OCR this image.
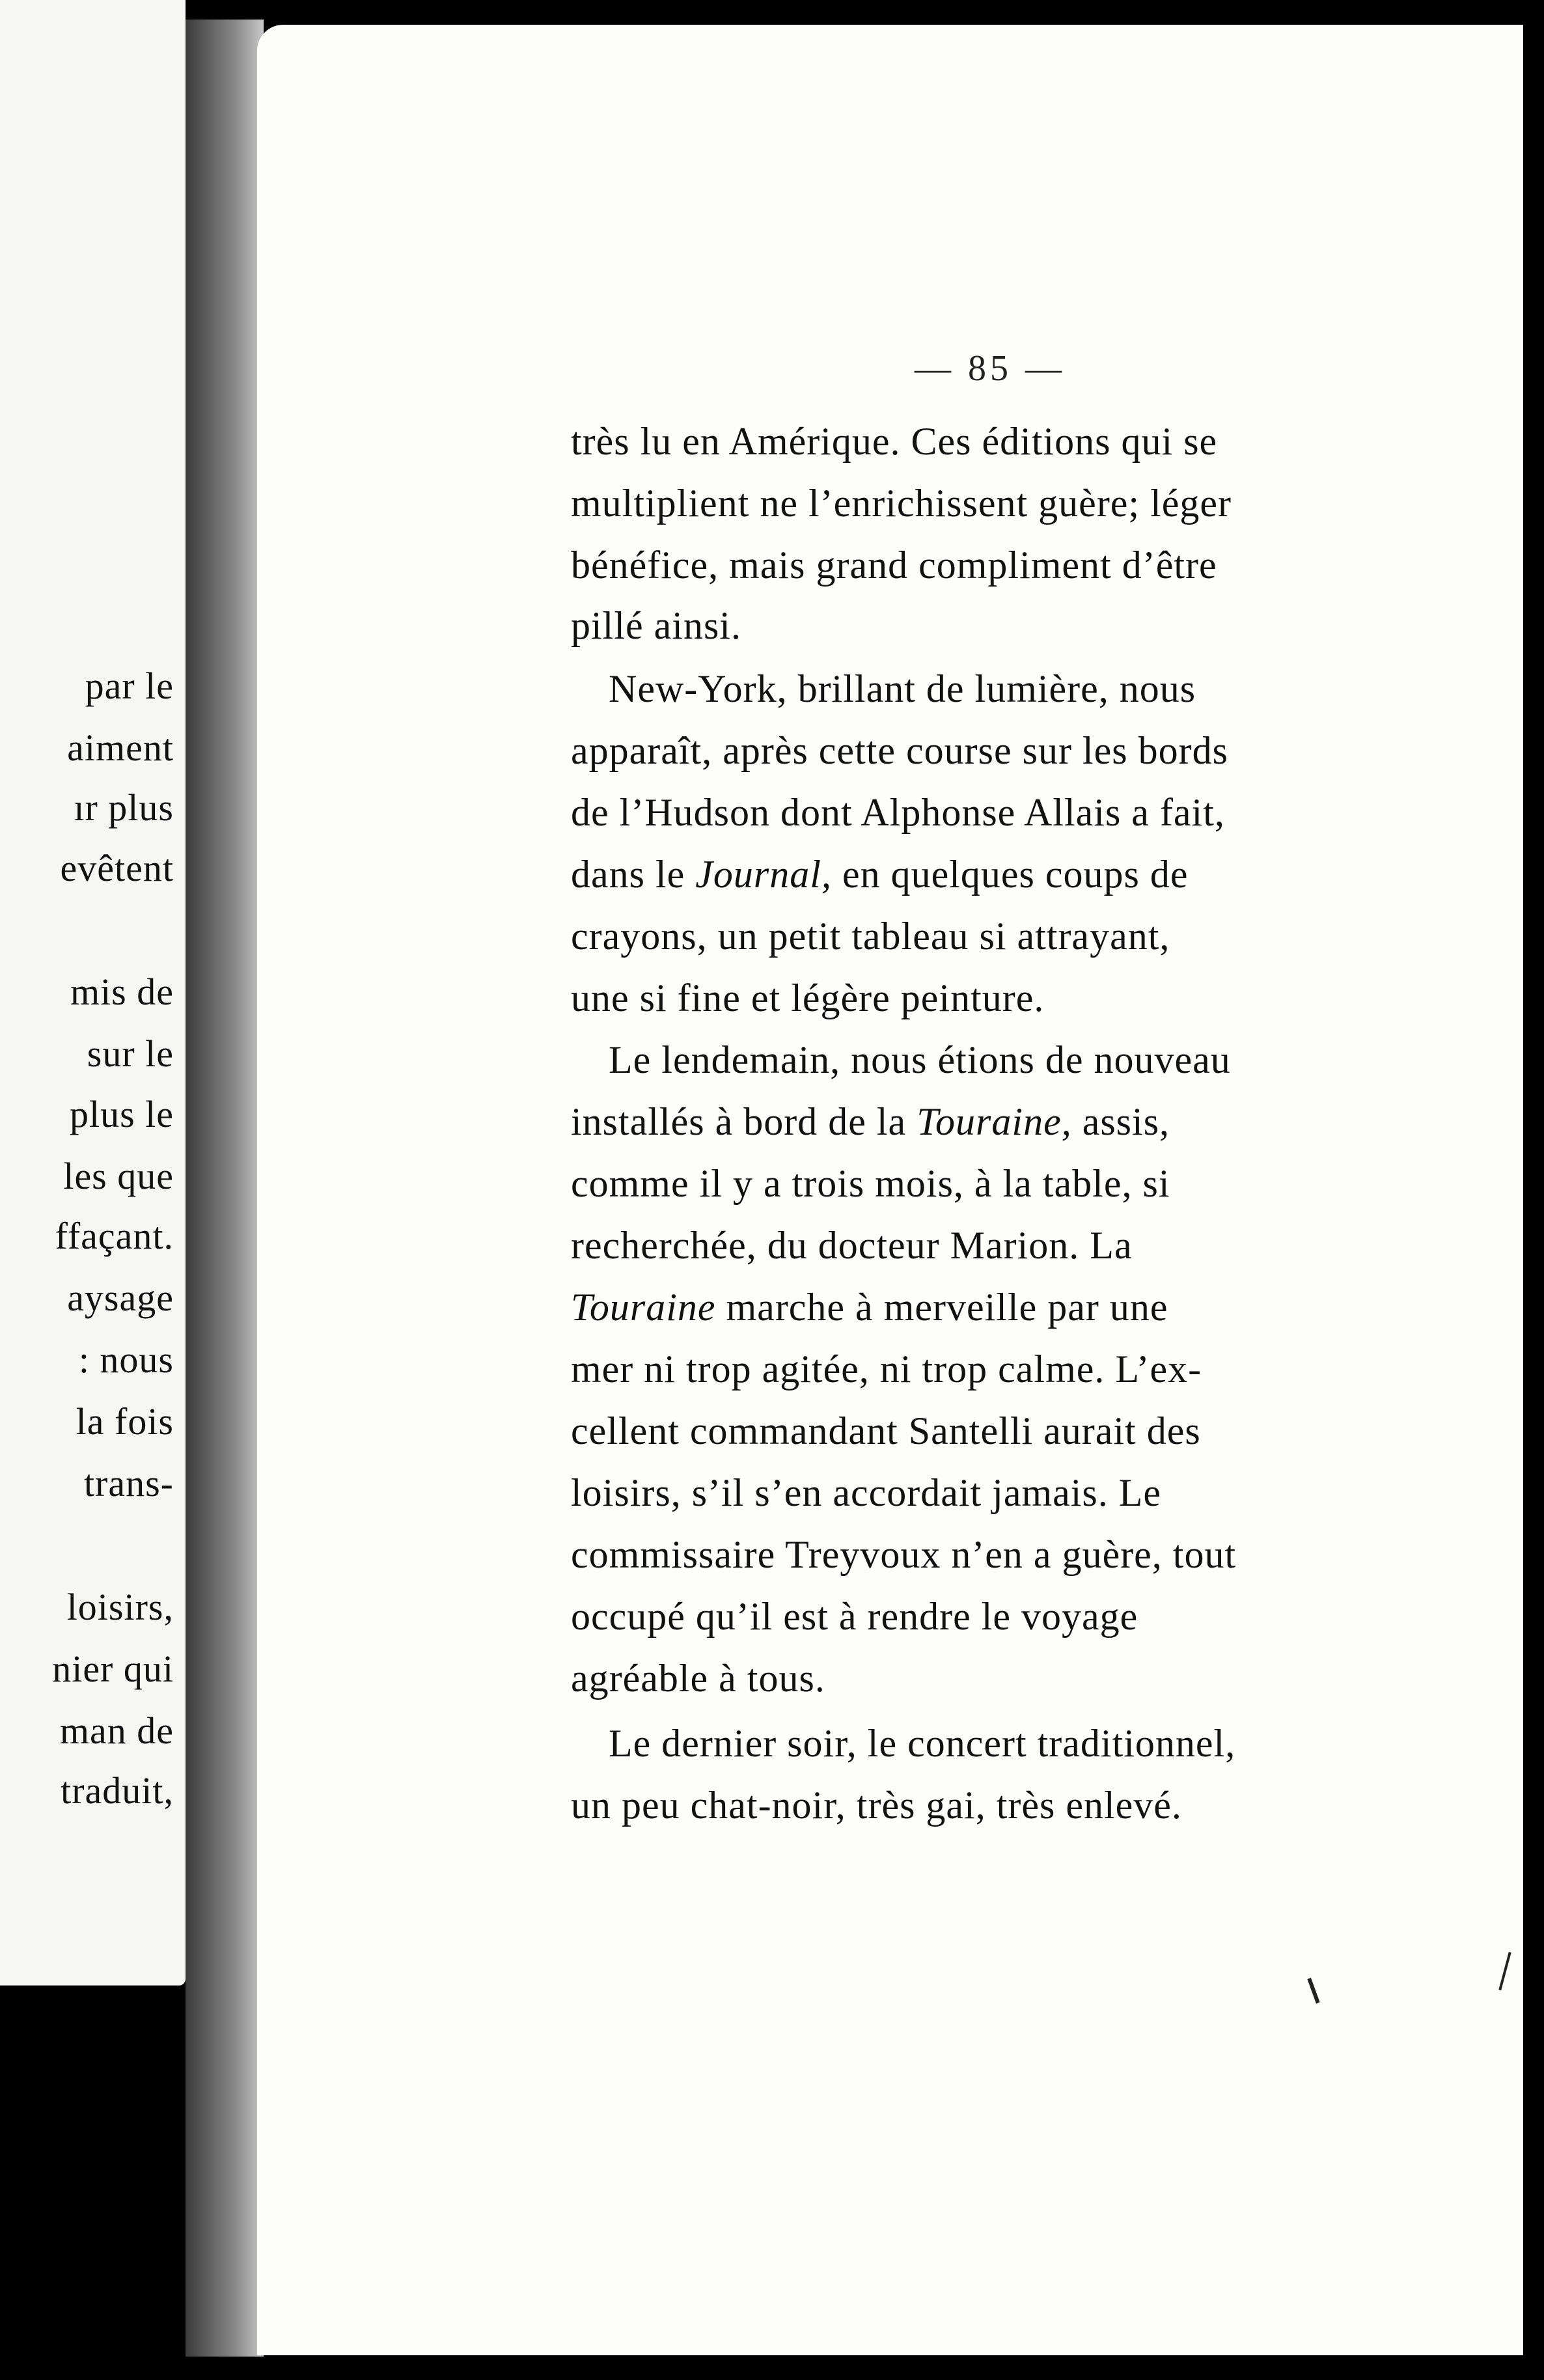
par le
aiment
ır plus
evêtent
mis de
sur le
plus le
les que
ffaçant.
aysage
: nous
la fois
trans-
loisirs,
nier qui
man de
traduit,
— 85 —
très lu en Amérique. Ces éditions qui se
multiplient ne l’enrichissent guère; léger
bénéfice, mais grand compliment d’être
pillé ainsi.
New-York, brillant de lumière, nous
apparaît, après cette course sur les bords
de l’Hudson dont Alphonse Allais a fait,
dans le Journal, en quelques coups de
crayons, un petit tableau si attrayant,
une si fine et légère peinture.
Le lendemain, nous étions de nouveau
installés à bord de la Touraine, assis,
comme il y a trois mois, à la table, si
recherchée, du docteur Marion. La
Touraine marche à merveille par une
mer ni trop agitée, ni trop calme. L’ex-
cellent commandant Santelli aurait des
loisirs, s’il s’en accordait jamais. Le
commissaire Treyvoux n’en a guère, tout
occupé qu’il est à rendre le voyage
agréable à tous.
Le dernier soir, le concert traditionnel,
un peu chat-noir, très gai, très enlevé.
